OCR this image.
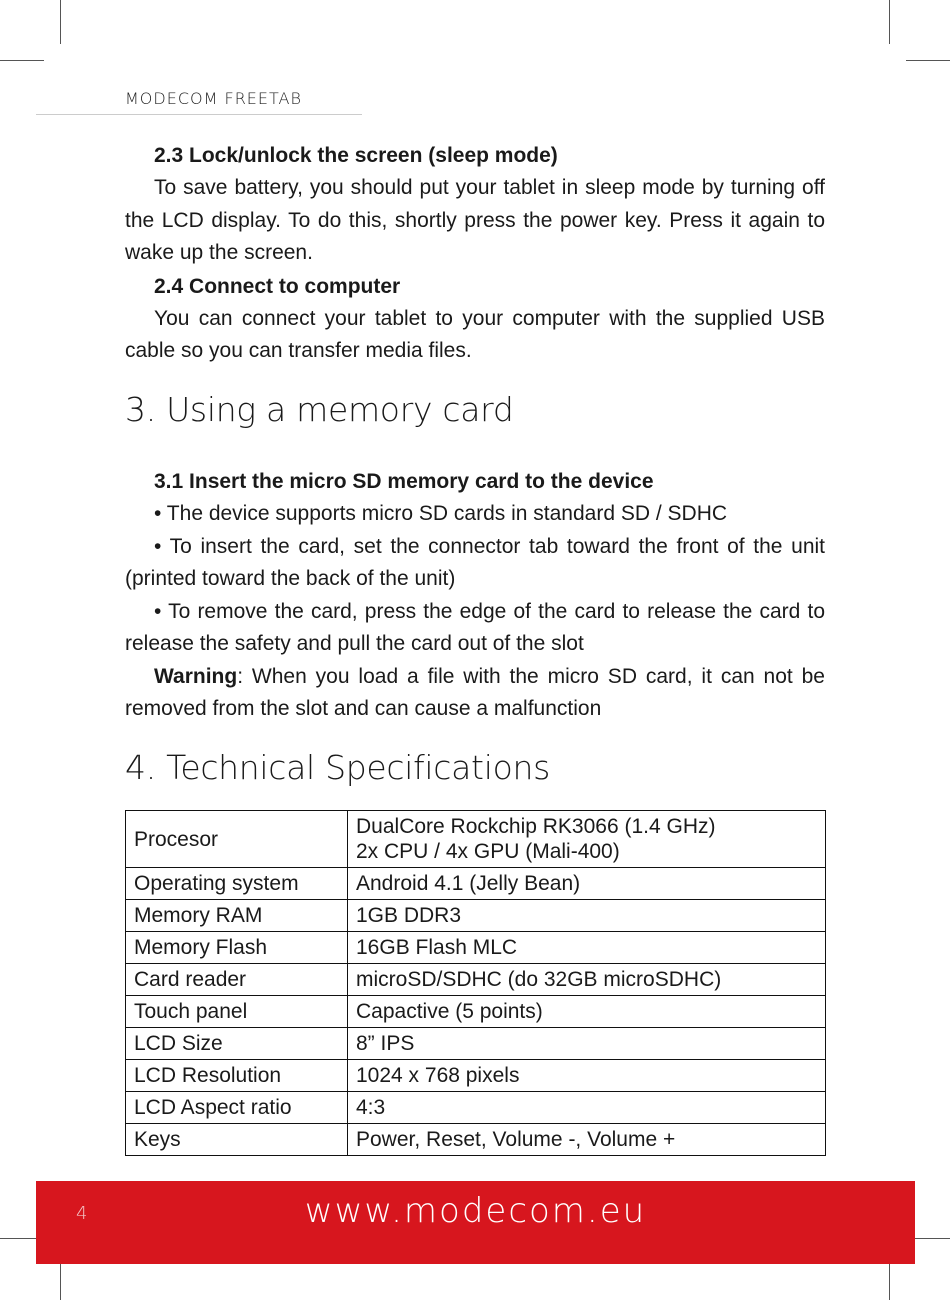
MODECOM FREETAB

2.3 Lock/unlock the screen (sleep mode)

To save battery, you should put your tablet in sleep mode by turning off the LCD display. To do this, shortly press the power key. Press it again to wake up the screen.

2.4 Connect to computer

You can connect your tablet to your computer with the supplied USB cable so you can transfer media files.

3. Using a memory card

3.1 Insert the micro SD memory card to the device

• The device supports micro SD cards in standard SD / SDHC

• To insert the card, set the connector tab toward the front of the unit (printed toward the back of the unit)

• To remove the card, press the edge of the card to release the card to release the safety and pull the card out of the slot

Warning: When you load a file with the micro SD card, it can not be removed from the slot and can cause a malfunction

4. Technical Specifications
Procesor	DualCore Rockchip RK3066 (1.4 GHz)
2x CPU / 4x GPU (Mali-400)

Operating system	Android 4.1 (Jelly Bean)
Memory RAM	1GB DDR3
Memory Flash	16GB Flash MLC
Card reader	microSD/SDHC (do 32GB microSDHC)
Touch panel	Capactive (5 points)
LCD Size	8” IPS
LCD Resolution	1024 x 768 pixels
LCD Aspect ratio	4:3
Keys	Power, Reset, Volume -, Volume +
4	www.modecom.eu
